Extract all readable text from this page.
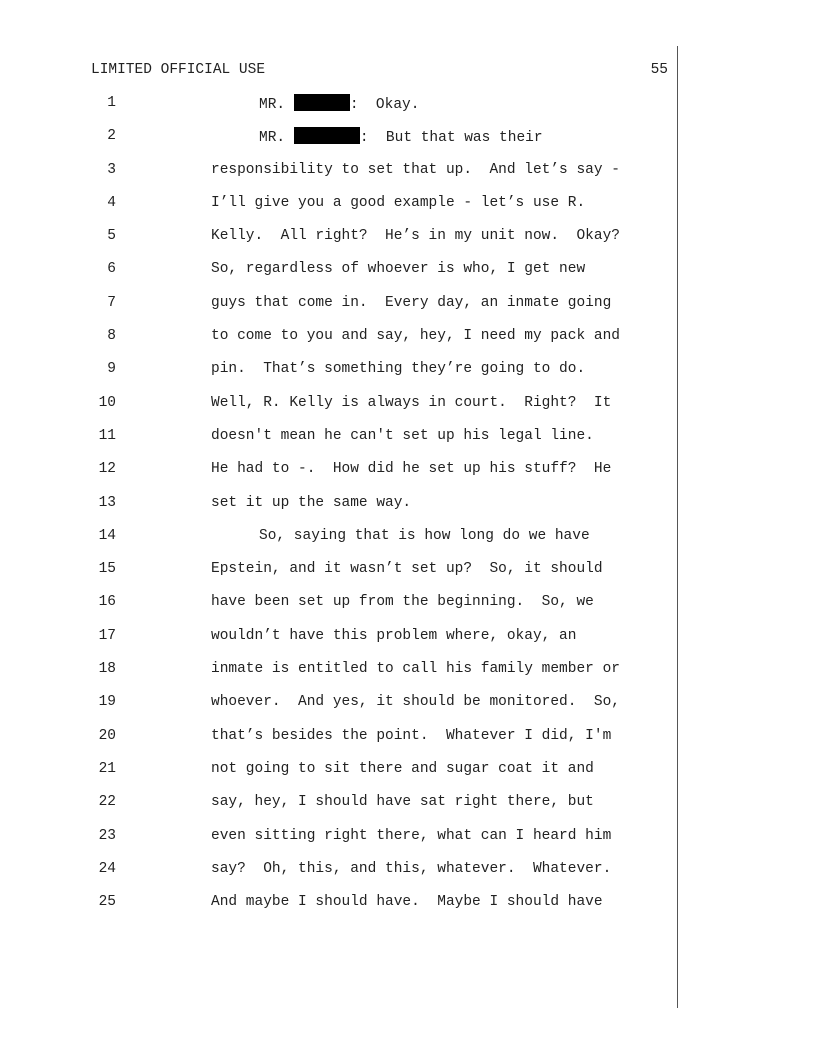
LIMITED OFFICIAL USE	55
1	MR.	:  Okay.
2	MR.	:  But that was their
3	responsibility to set that up.  And let’s say -
4	I’ll give you a good example - let’s use R.
5	Kelly.  All right?  He’s in my unit now.  Okay?
6	So, regardless of whoever is who, I get new
7	guys that come in.  Every day, an inmate going
8	to come to you and say, hey, I need my pack and
9	pin.  That’s something they’re going to do.
10	Well, R. Kelly is always in court.  Right?  It
11	doesn't mean he can't set up his legal line.
12	He had to -.  How did he set up his stuff?  He
13	set it up the same way.
14	So, saying that is how long do we have
15	Epstein, and it wasn’t set up?  So, it should
16	have been set up from the beginning.  So, we
17	wouldn’t have this problem where, okay, an
18	inmate is entitled to call his family member or
19	whoever.  And yes, it should be monitored.  So,
20	that’s besides the point.  Whatever I did, I'm
21	not going to sit there and sugar coat it and
22	say, hey, I should have sat right there, but
23	even sitting right there, what can I heard him
24	say?  Oh, this, and this, whatever.  Whatever.
25	And maybe I should have.  Maybe I should have
